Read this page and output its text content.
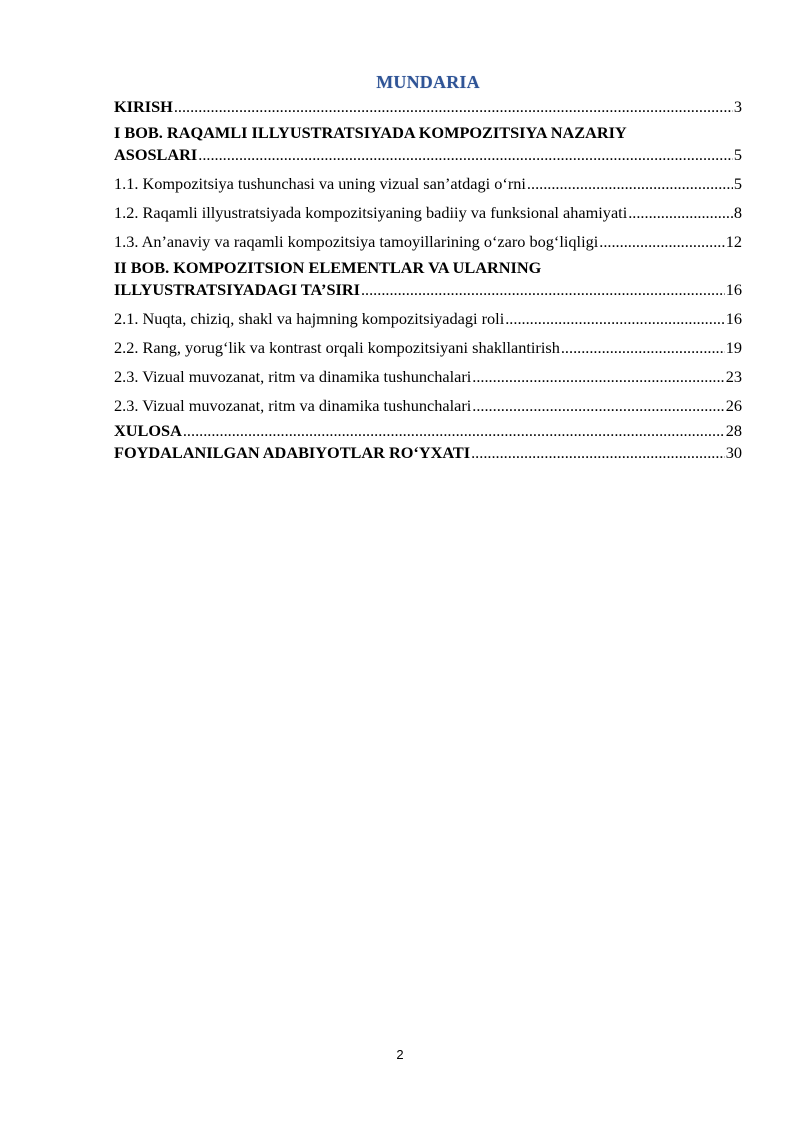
MUNDARIA
KIRISH .....	3
I BOB. RAQAMLI ILLYUSTRATSIYADA KOMPOZITSIYA NAZARIY
ASOSLARI .....	5
1.1. Kompozitsiya tushunchasi va uning vizual san’atdagi o‘rni .....	5
1.2. Raqamli illyustratsiyada kompozitsiyaning badiiy va funksional ahamiyati .....	8
1.3. An’anaviy va raqamli kompozitsiya tamoyillarining o‘zaro bog‘liqligi .....	12
II BOB. KOMPOZITSION ELEMENTLAR VA ULARNING
ILLYUSTRATSIYADAGI TA’SIRI .....	16
2.1. Nuqta, chiziq, shakl va hajmning kompozitsiyadagi roli .....	16
2.2. Rang, yorug‘lik va kontrast orqali kompozitsiyani shakllantirish .....	19
2.3. Vizual muvozanat, ritm va dinamika tushunchalari .....	23
2.3. Vizual muvozanat, ritm va dinamika tushunchalari .....	26
XULOSA .....	28
FOYDALANILGAN ADABIYOTLAR RO‘YXATI .....	30
2
